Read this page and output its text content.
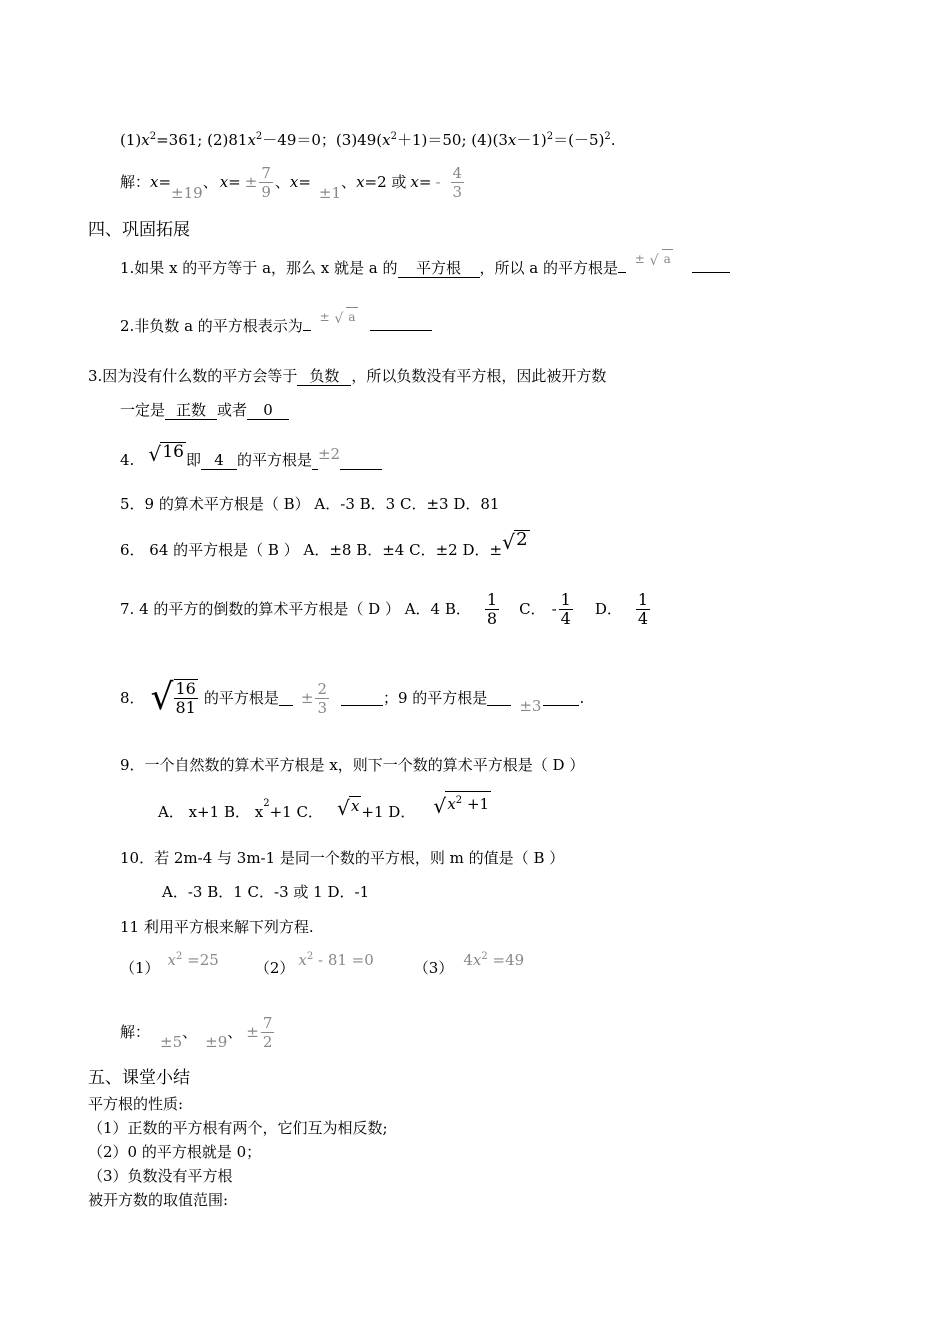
$(1)x^2=361$; $(2)81x^2-49=0$；$(3)49(x^2+1)=50$; $(4)(3x-1)^2=(-5)^2$.
解： x=
±19
、 $x= \pm \frac{7}{9}$ 、 x=
±1
、 x =2 或 x = - $\frac{4}{3}$
四、巩固拓展
1.如果 x 的平方等于 a，那么 x 就是 a 的 平方根 ，所以 a 的平方根是 ± √ a
2.非负数 a 的平方根表示为 ± √ a
3.因为没有什么数的平方会等于 负数 ，所以负数没有平方根，因此被开方数
一定是 正数 或者 0
4. √ 16 即 4 的平方根是 ±2
5．9 的算术平方根是（ B） A．-3 B．3 C．±3 D．81
6． 64 的平方根是（ B ） A．±8 B．±4 C．±2 D．± √ 2
7. 4 的平方的倒数的算术平方根是（ D ） A．4 B． $\frac{1}{8}$ C． - $\frac{1}{4}$ D． $\frac{1}{4}$
8． √ $\frac{16}{81}$ 的平方根是 ± $\frac{2}{3}$	；9 的平方根是 ±3	.
9．一个自然数的算术平方根是 x，则下一个数的算术平方根是（ D ）
A． x+1 B． $x^2 +1$ C． √ x +1 D． √ $x^2 +1$
10．若 2m-4 与 3m-1 是同一个数的平方根，则 m 的值是（ B ）
A．-3 B．1 C．-3 或 1 D．-1
11 利用平方根来解下列方程.
（1） $x^2 =25$ （2） $x^2 - 81 =0$	（3） $4x^2 =49$
解：
±5
、
±9
、 ± $\frac{7}{2}$
五、课堂小结
平方根的性质:
（1）正数的平方根有两个，它们互为相反数;
（2）0 的平方根就是 0；
（3）负数没有平方根
被开方数的取值范围:
